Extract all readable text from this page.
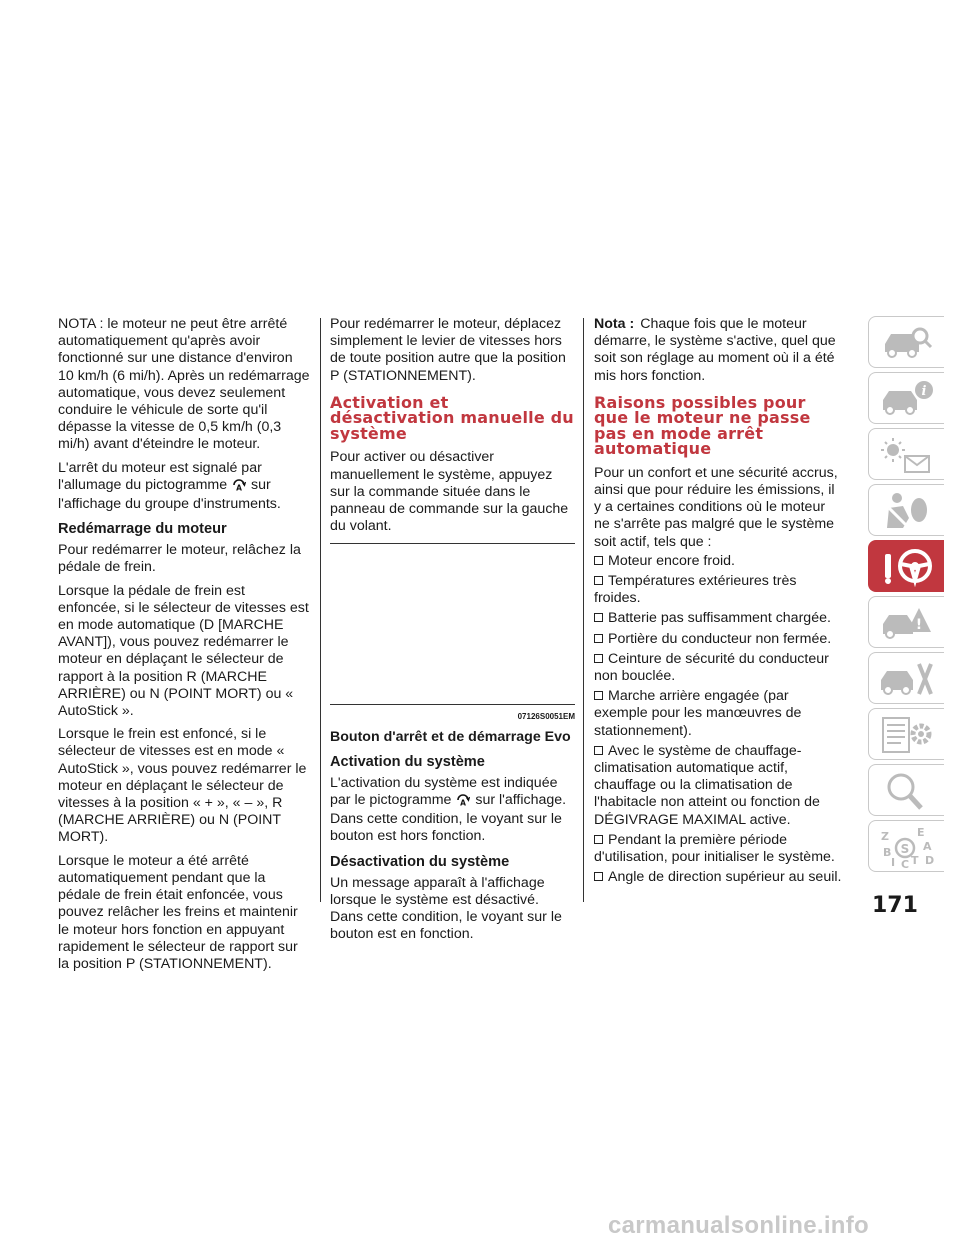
NOTA : le moteur ne peut être arrêté automatiquement qu'après avoir fonctionné sur une distance d'environ 10 km/h (6 mi/h). Après un redémarrage automatique, vous devez seulement conduire le véhicule de sorte qu'il dépasse la vitesse de 0,5 km/h (0,3 mi/h) avant d'éteindre le moteur.

L'arrêt du moteur est signalé par l'allumage du pictogramme A sur l'affichage du groupe d'instruments.

Redémarrage du moteur

Pour redémarrer le moteur, relâchez la pédale de frein.

Lorsque la pédale de frein est enfoncée, si le sélecteur de vitesses est en mode automatique (D [MARCHE AVANT]), vous pouvez redémarrer le moteur en déplaçant le sélecteur de rapport à la position R (MARCHE ARRIÈRE) ou N (POINT MORT) ou « AutoStick ».

Lorsque le frein est enfoncé, si le sélecteur de vitesses est en mode « AutoStick », vous pouvez redémarrer le moteur en déplaçant le sélecteur de vitesses à la position « + », « – », R (MARCHE ARRIÈRE) ou N (POINT MORT).

Lorsque le moteur a été arrêté automatiquement pendant que la pédale de frein était enfoncée, vous pouvez relâcher les freins et maintenir le moteur hors fonction en appuyant rapidement le sélecteur de rapport sur la position P (STATIONNEMENT).

Pour redémarrer le moteur, déplacez simplement le levier de vitesses hors de toute position autre que la position P (STATIONNEMENT).

Activation et désactivation manuelle du système

Pour activer ou désactiver manuellement le système, appuyez sur la commande située dans le panneau de commande sur la gauche du volant.

07126S0051EM
Bouton d'arrêt et de démarrage Evo
Activation du système

L'activation du système est indiquée par le pictogramme A sur l'affichage. Dans cette condition, le voyant sur le bouton est hors fonction.

Désactivation du système

Un message apparaît à l'affichage lorsque le système est désactivé. Dans cette condition, le voyant sur le bouton est en fonction.

Nota : Chaque fois que le moteur démarre, le système s'active, quel que soit son réglage au moment où il a été mis hors fonction.

Raisons possibles pour que le moteur ne passe pas en mode arrêt automatique

Pour un confort et une sécurité accrus, ainsi que pour réduire les émissions, il y a certaines conditions où le moteur ne s'arrête pas malgré que le système soit actif, tels que :

Moteur encore froid.
Températures extérieures très froides.
Batterie pas suffisamment chargée.
Portière du conducteur non fermée.
Ceinture de sécurité du conducteur non bouclée.
Marche arrière engagée (par exemple pour les manœuvres de stationnement).
Avec le système de chauffage-climatisation automatique actif, chauffage ou la climatisation de l'habitacle non atteint ou fonction de DÉGIVRAGE MAXIMAL active.
Pendant la première période d'utilisation, pour initialiser le système.
Angle de direction supérieur au seuil.
i
!
Z	E
B	A
I C T D
S
171
carmanualsonline.info
